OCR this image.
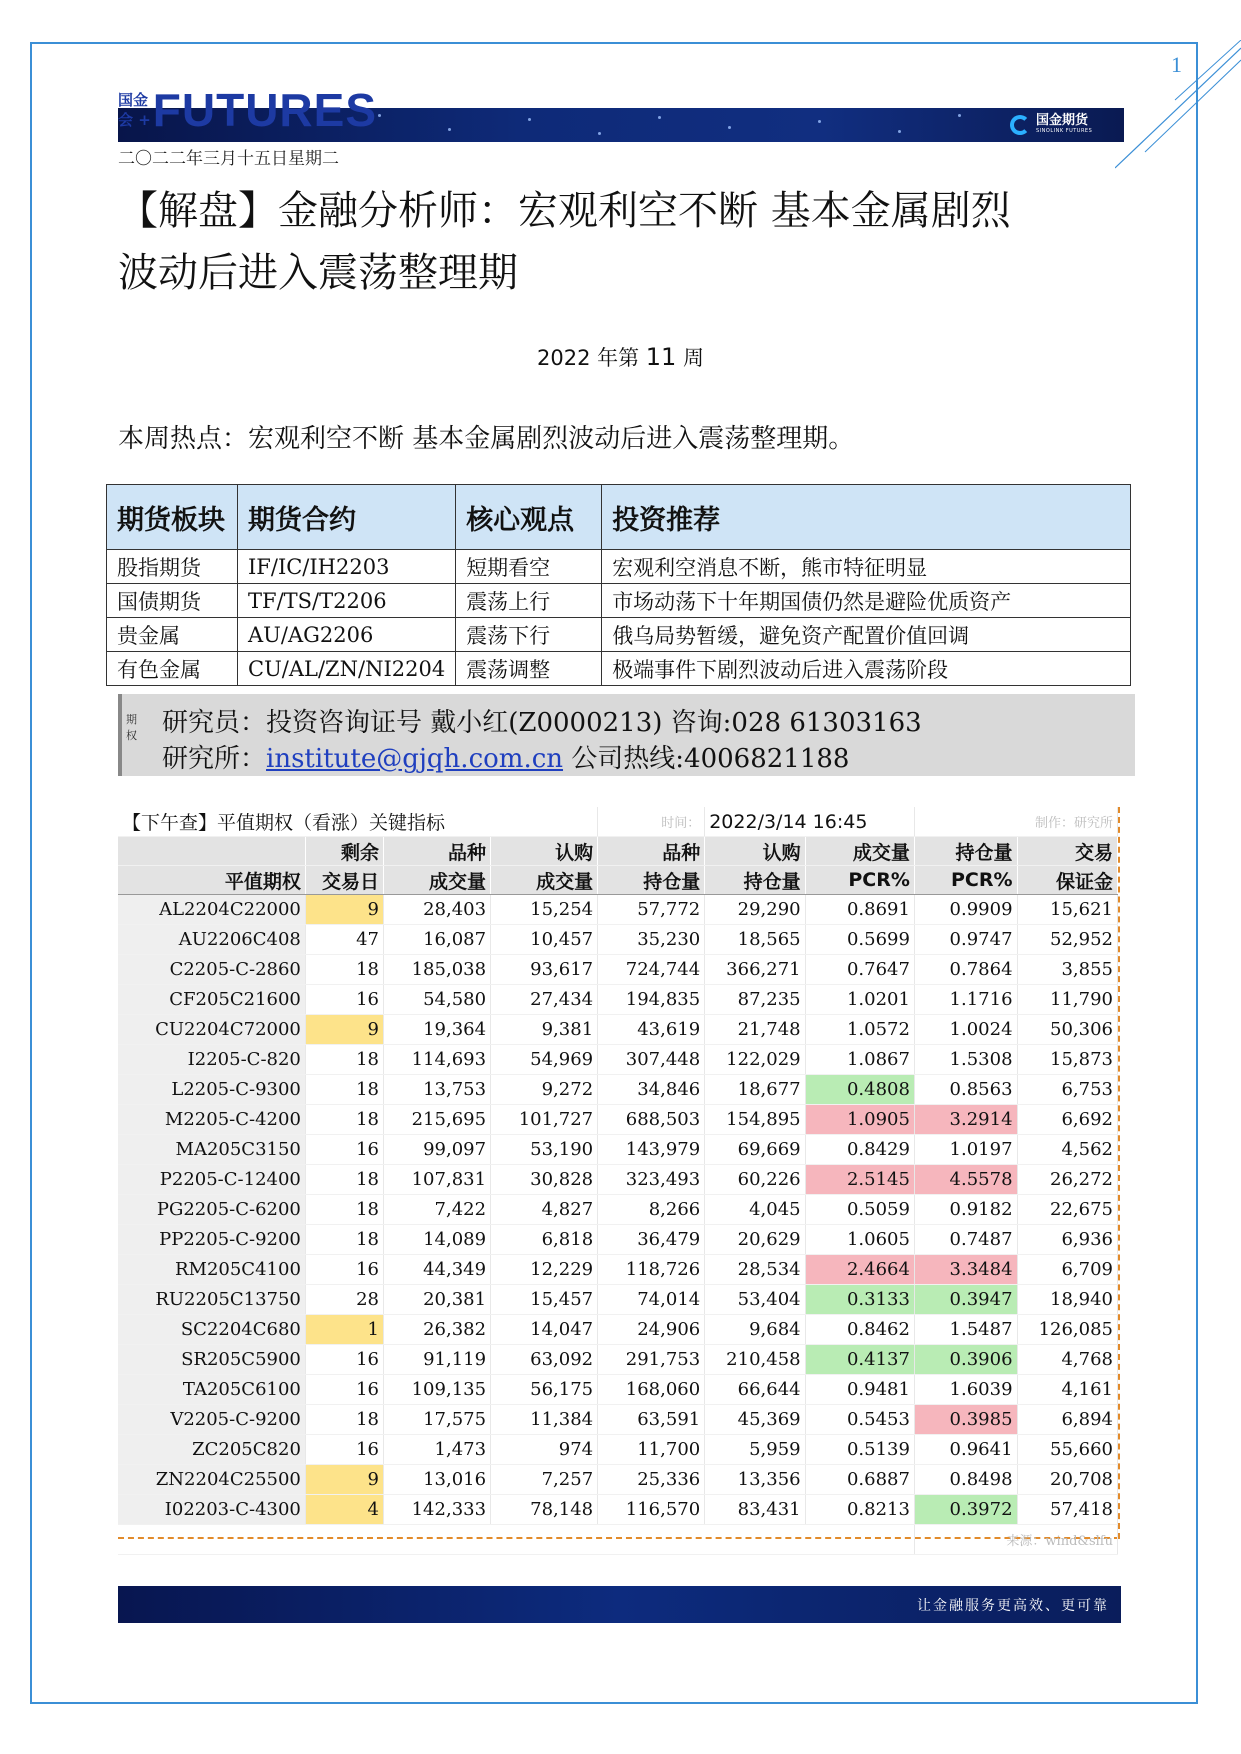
1
国金
会 + FUTURES	国金期货
SINOLINK FUTURES
二〇二二年三月十五日星期二
【解盘】金融分析师：宏观利空不断 基本金属剧烈
波动后进入震荡整理期
2022 年第 11 周
本周热点：宏观利空不断 基本金属剧烈波动后进入震荡整理期。
期货板块	期货合约	核心观点	投资推荐
股指期货	IF/IC/IH2203	短期看空	宏观利空消息不断，熊市特征明显
国债期货	TF/TS/T2206	震荡上行	市场动荡下十年期国债仍然是避险优质资产
贵金属	AU/AG2206	震荡下行	俄乌局势暂缓，避免资产配置价值回调
有色金属	CU/AL/ZN/NI2204	震荡调整	极端事件下剧烈波动后进入震荡阶段
期权 研究员：投资咨询证号 戴小红(Z0000213) 咨询:028 61303163
研究所：institute@gjqh.com.cn 公司热线:4006821188
【下午查】平值期权（看涨）关键指标				时间：	2022/3/14 16:45		制作：研究所	
	剩余	品种	认购	品种	认购	成交量	持仓量	交易
平值期权	交易日	成交量	成交量	持仓量	持仓量	PCR%	PCR%	保证金
AL2204C22000	9	28,403	15,254	57,772	29,290	0.8691	0.9909	15,621
AU2206C408	47	16,087	10,457	35,230	18,565	0.5699	0.9747	52,952
C2205-C-2860	18	185,038	93,617	724,744	366,271	0.7647	0.7864	3,855
CF205C21600	16	54,580	27,434	194,835	87,235	1.0201	1.1716	11,790
CU2204C72000	9	19,364	9,381	43,619	21,748	1.0572	1.0024	50,306
I2205-C-820	18	114,693	54,969	307,448	122,029	1.0867	1.5308	15,873
L2205-C-9300	18	13,753	9,272	34,846	18,677	0.4808	0.8563	6,753
M2205-C-4200	18	215,695	101,727	688,503	154,895	1.0905	3.2914	6,692
MA205C3150	16	99,097	53,190	143,979	69,669	0.8429	1.0197	4,562
P2205-C-12400	18	107,831	30,828	323,493	60,226	2.5145	4.5578	26,272
PG2205-C-6200	18	7,422	4,827	8,266	4,045	0.5059	0.9182	22,675
PP2205-C-9200	18	14,089	6,818	36,479	20,629	1.0605	0.7487	6,936
RM205C4100	16	44,349	12,229	118,726	28,534	2.4664	3.3484	6,709
RU2205C13750	28	20,381	15,457	74,014	53,404	0.3133	0.3947	18,940
SC2204C680	1	26,382	14,047	24,906	9,684	0.8462	1.5487	126,085
SR205C5900	16	91,119	63,092	291,753	210,458	0.4137	0.3906	4,768
TA205C6100	16	109,135	56,175	168,060	66,644	0.9481	1.6039	4,161
V2205-C-9200	18	17,575	11,384	63,591	45,369	0.5453	0.3985	6,894
ZC205C820	16	1,473	974	11,700	5,959	0.5139	0.9641	55,660
ZN2204C25500	9	13,016	7,257	25,336	13,356	0.6887	0.8498	20,708
I02203-C-4300	4	142,333	78,148	116,570	83,431	0.8213	0.3972	57,418
							来源：wind&slfu	
让金融服务更高效、更可靠
